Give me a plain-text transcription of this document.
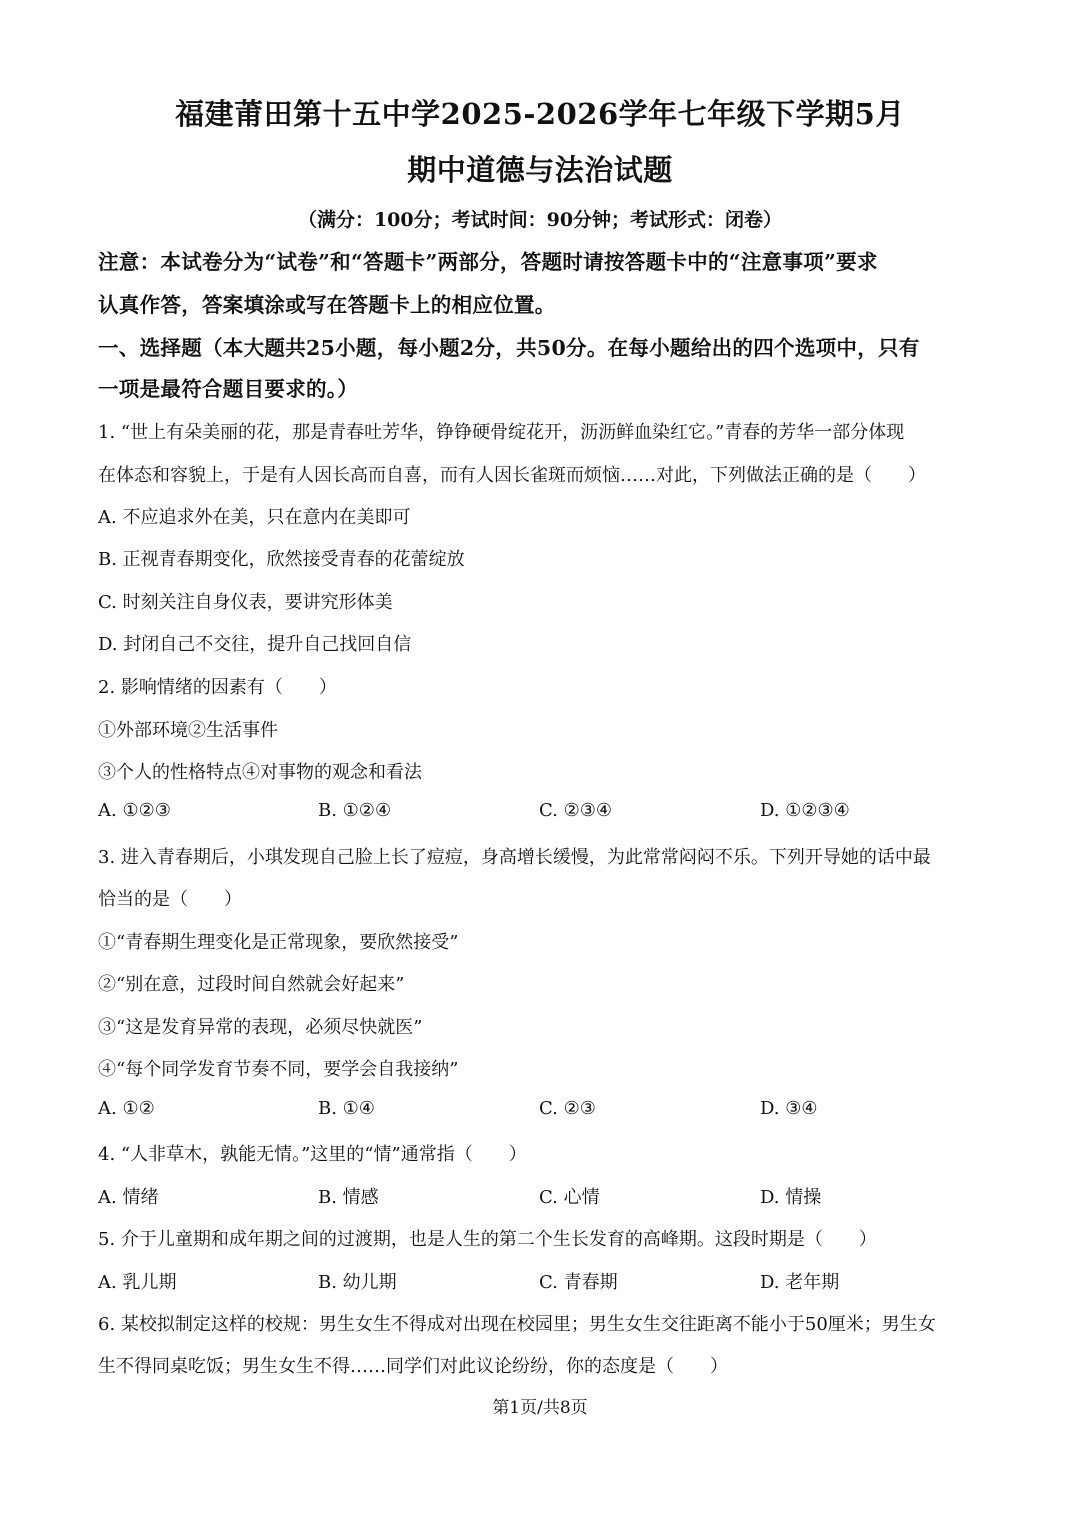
福建莆田第十五中学2025-2026学年七年级下学期5月
期中道德与法治试题
（满分：100分；考试时间：90分钟；考试形式：闭卷）
注意：本试卷分为“试卷”和“答题卡”两部分，答题时请按答题卡中的“注意事项”要求
认真作答，答案填涂或写在答题卡上的相应位置。
一、选择题（本大题共25小题，每小题2分，共50分。在每小题给出的四个选项中，只有
一项是最符合题目要求的。）
1. “世上有朵美丽的花，那是青春吐芳华，铮铮硬骨绽花开，沥沥鲜血染红它。”青春的芳华一部分体现
在体态和容貌上，于是有人因长高而自喜，而有人因长雀斑而烦恼……对此，下列做法正确的是（　　）
A. 不应追求外在美，只在意内在美即可
B. 正视青春期变化，欣然接受青春的花蕾绽放
C. 时刻关注自身仪表，要讲究形体美
D. 封闭自己不交往，提升自己找回自信
2. 影响情绪的因素有（　　）
①外部环境②生活事件
③个人的性格特点④对事物的观念和看法
A. ①②③	B. ①②④	C. ②③④	D. ①②③④
3. 进入青春期后，小琪发现自己脸上长了痘痘，身高增长缓慢，为此常常闷闷不乐。下列开导她的话中最
恰当的是（　　）
①“青春期生理变化是正常现象，要欣然接受”
②“别在意，过段时间自然就会好起来”
③“这是发育异常的表现，必须尽快就医”
④“每个同学发育节奏不同，要学会自我接纳”
A. ①②	B. ①④	C. ②③	D. ③④
4. “人非草木，孰能无情。”这里的“情”通常指（　　）
A. 情绪	B. 情感	C. 心情	D. 情操
5. 介于儿童期和成年期之间的过渡期，也是人生的第二个生长发育的高峰期。这段时期是（　　）
A. 乳儿期	B. 幼儿期	C. 青春期	D. 老年期
6. 某校拟制定这样的校规：男生女生不得成对出现在校园里；男生女生交往距离不能小于50厘米；男生女
生不得同桌吃饭；男生女生不得……同学们对此议论纷纷，你的态度是（　　）
第1页/共8页
